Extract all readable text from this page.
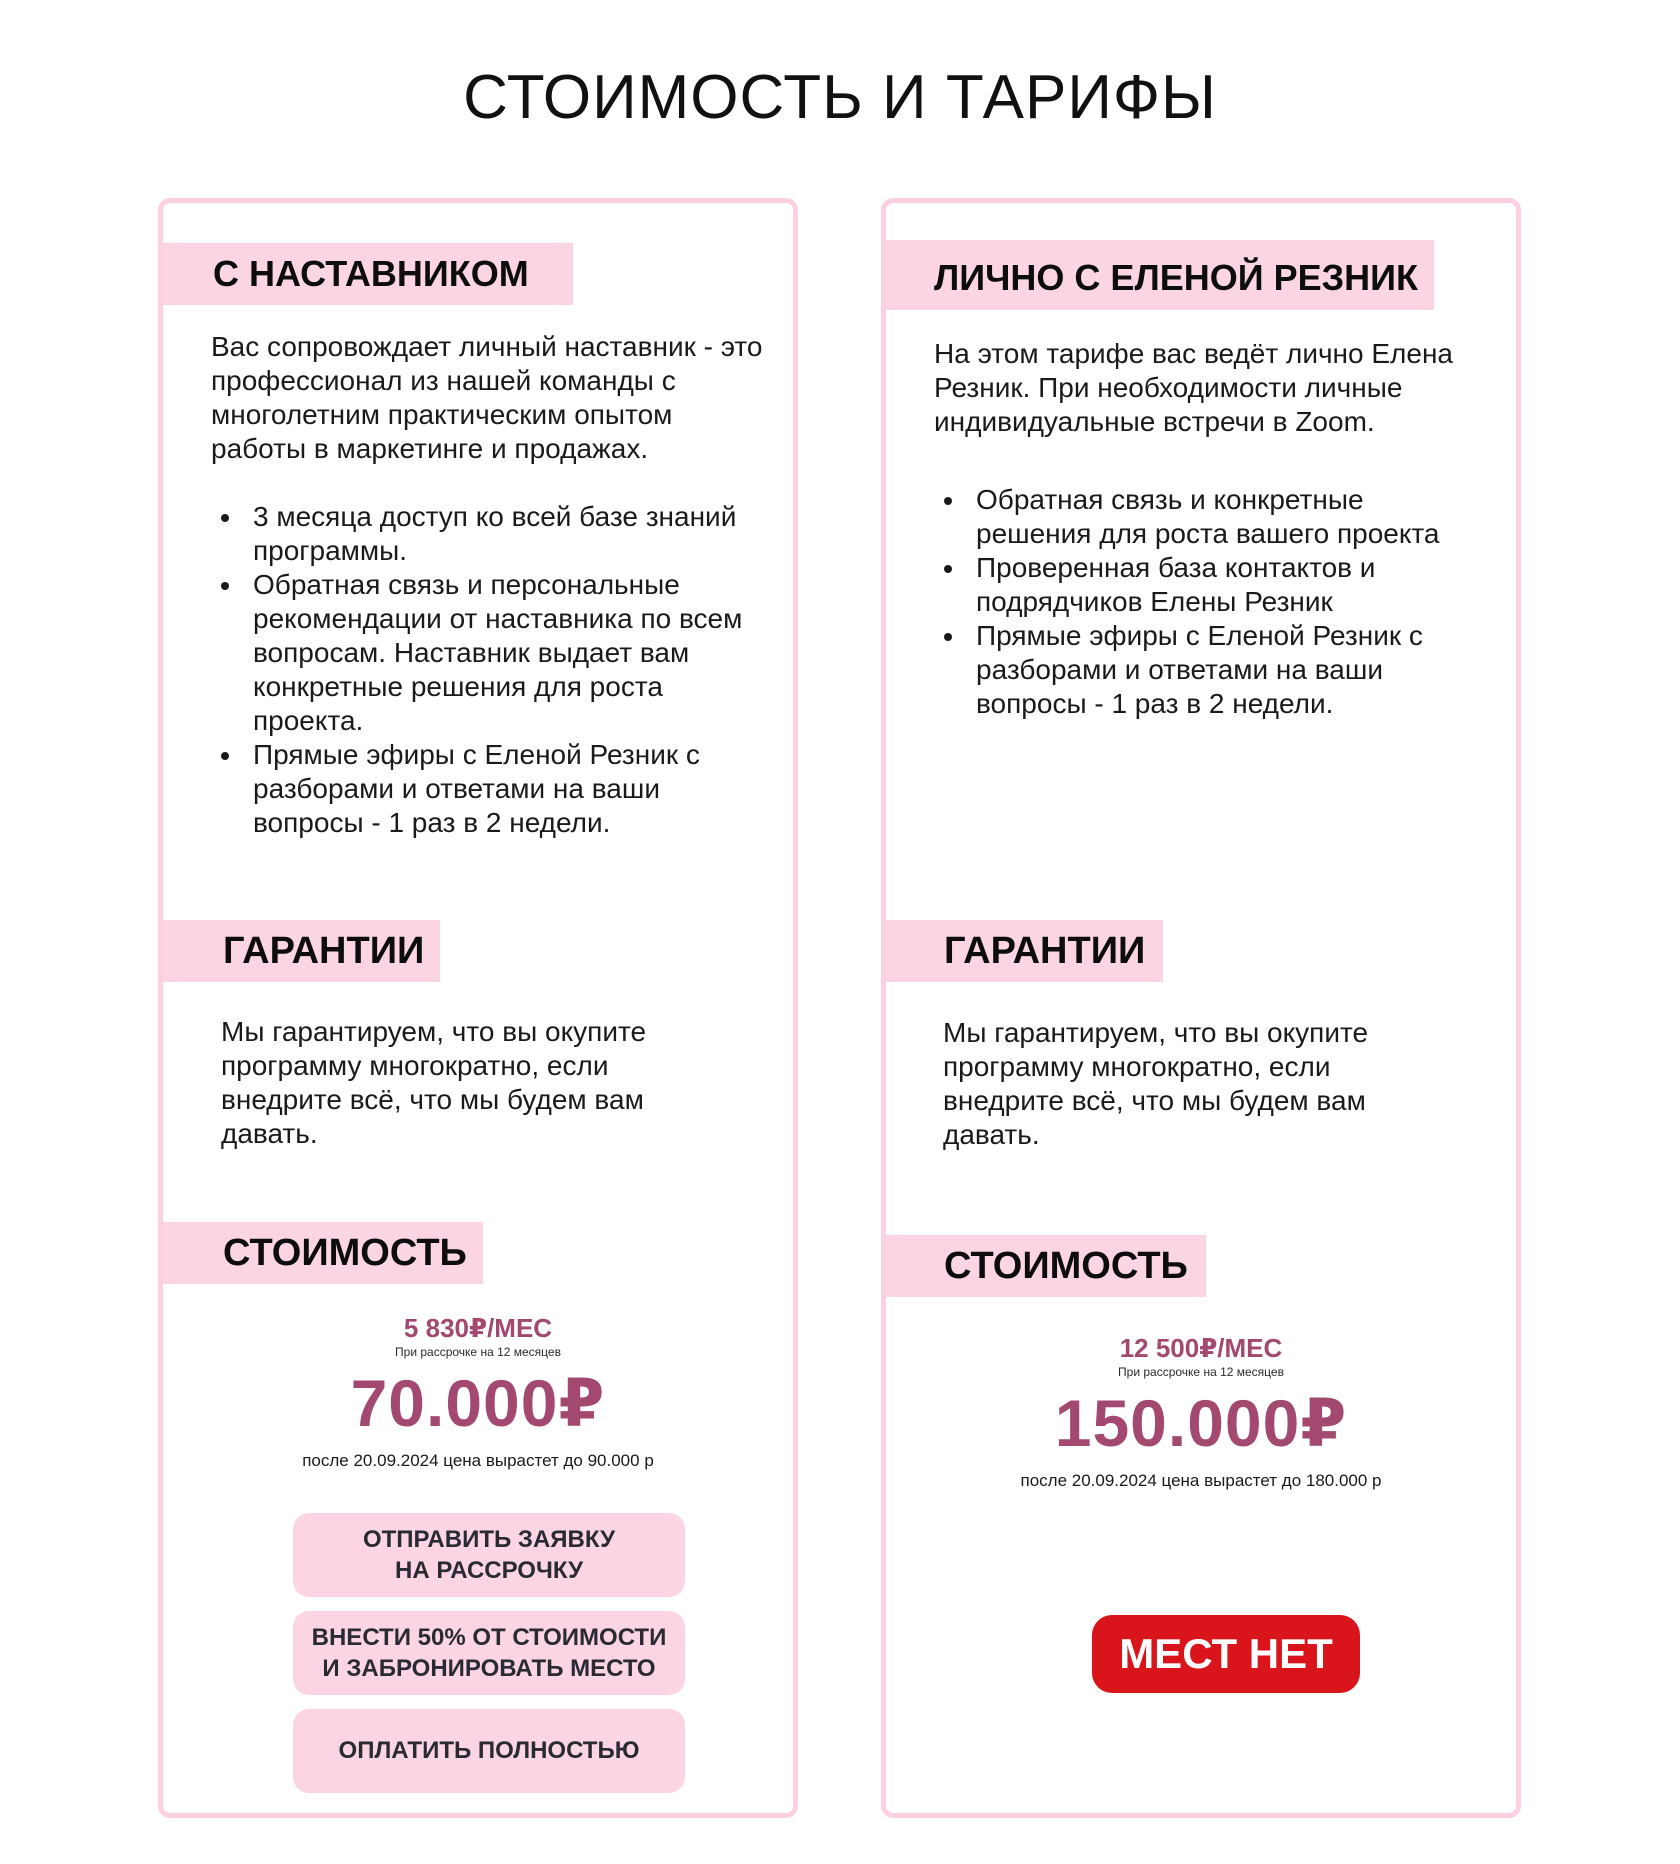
СТОИМОСТЬ И ТАРИФЫ
С НАСТАВНИКОМ

Вас сопровождает личный наставник - это профессионал из нашей команды с многолетним практическим опытом работы в маркетинге и продажах.

3 месяца доступ ко всей базе знаний программы.
Обратная связь и персональные рекомендации от наставника по всем вопросам. Наставник выдает вам конкретные решения для роста проекта.
Прямые эфиры с Еленой Резник с разборами и ответами на ваши вопросы - 1 раз в 2 недели.
ГАРАНТИИ

Мы гарантируем, что вы окупите программу многократно, если внедрите всё, что мы будем вам давать.

СТОИМОСТЬ
5 830₽/МЕС
При рассрочке на 12 месяцев
70.000₽
после 20.09.2024 цена вырастет до 90.000 р
ОТПРАВИТЬ ЗАЯВКУ
НА РАССРОЧКУ
ВНЕСТИ 50% ОТ СТОИМОСТИ
И ЗАБРОНИРОВАТЬ МЕСТО
ОПЛАТИТЬ ПОЛНОСТЬЮ
ЛИЧНО С ЕЛЕНОЙ РЕЗНИК

На этом тарифе вас ведёт лично Елена Резник. При необходимости личные индивидуальные встречи в Zoom.

Обратная связь и конкретные решения для роста вашего проекта
Проверенная база контактов и подрядчиков Елены Резник
Прямые эфиры с Еленой Резник с разборами и ответами на ваши вопросы - 1 раз в 2 недели.
ГАРАНТИИ

Мы гарантируем, что вы окупите программу многократно, если внедрите всё, что мы будем вам давать.

СТОИМОСТЬ
12 500₽/МЕС
При рассрочке на 12 месяцев
150.000₽
после 20.09.2024 цена вырастет до 180.000 р
МЕСТ НЕТ
